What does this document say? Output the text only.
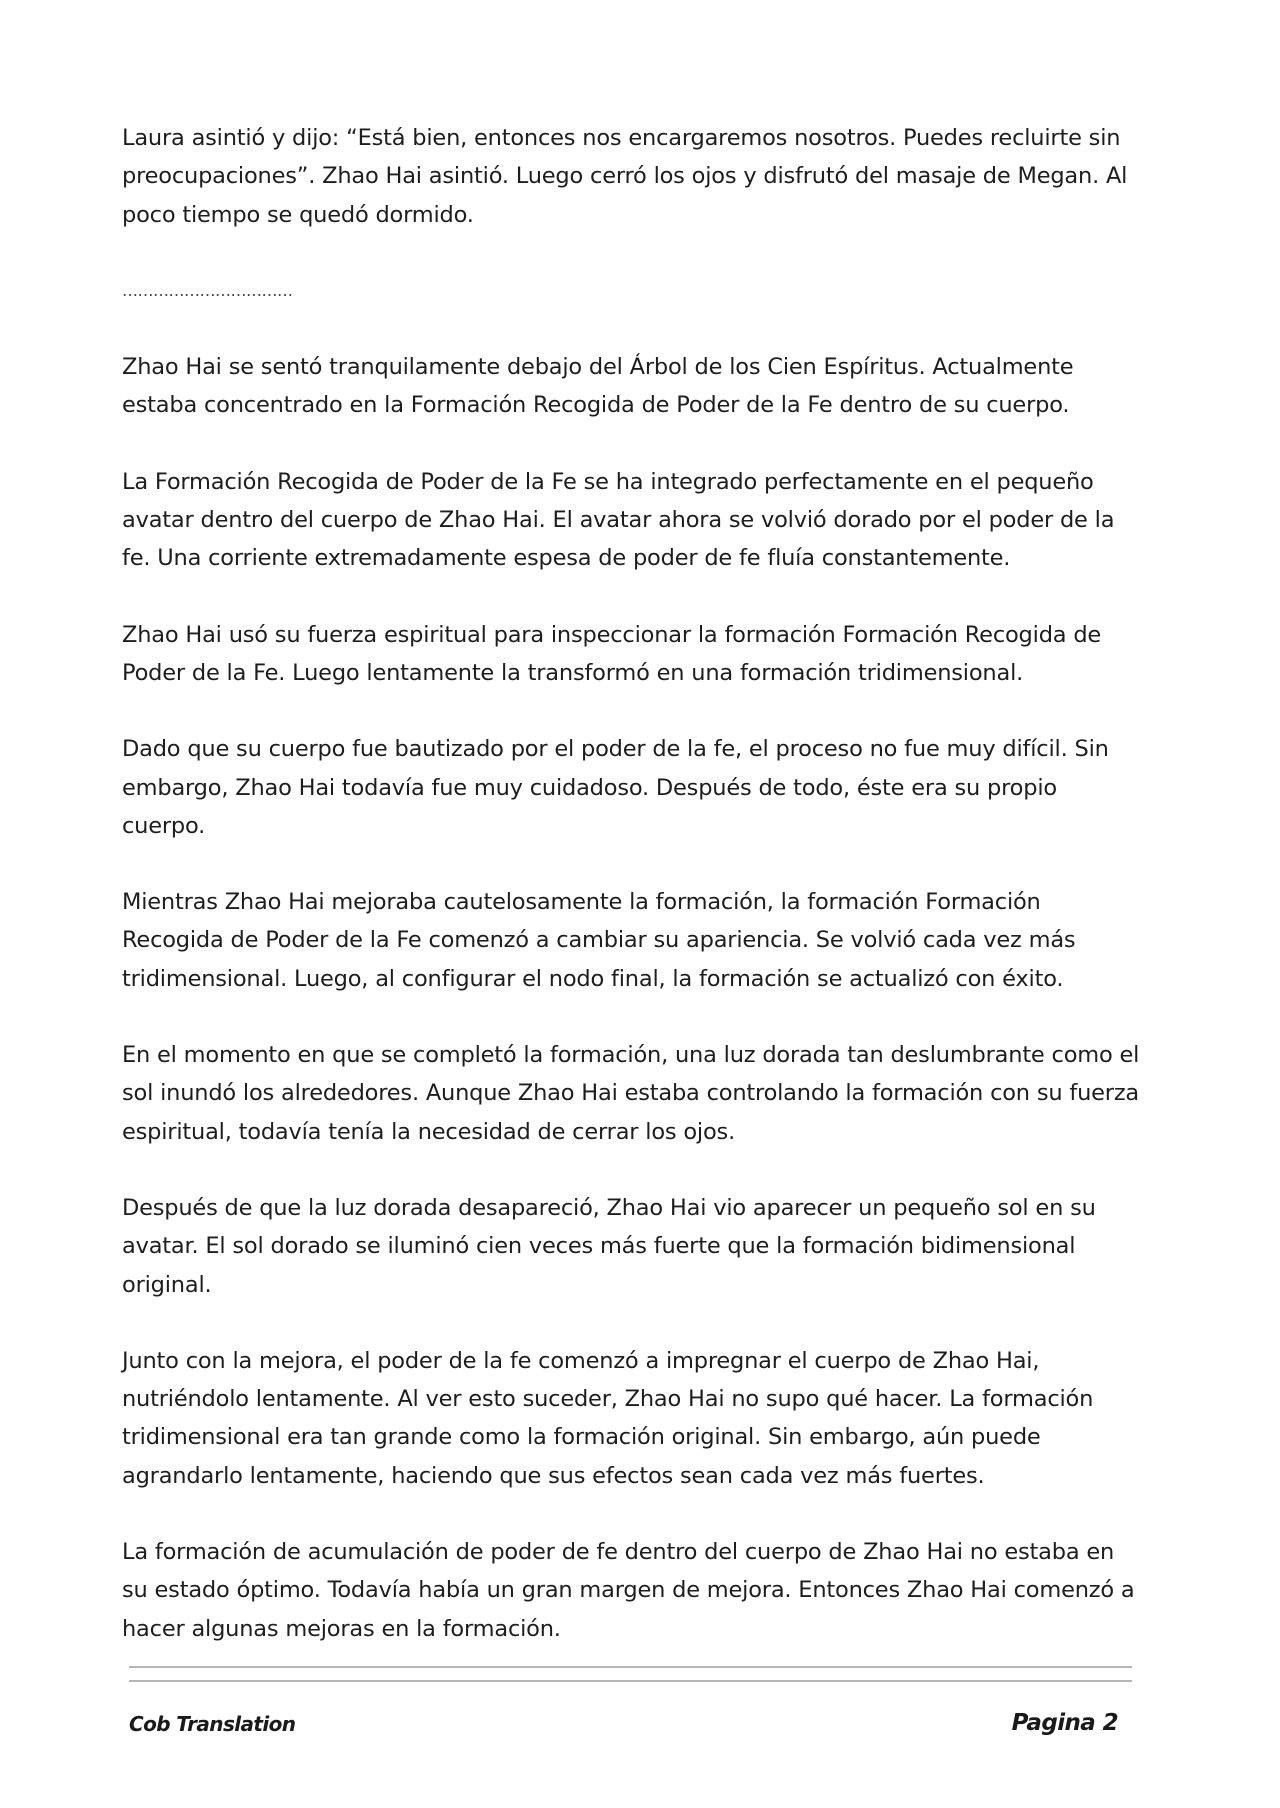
Laura asintió y dijo: “Está bien, entonces nos encargaremos nosotros. Puedes recluirte sin preocupaciones”. Zhao Hai asintió. Luego cerró los ojos y disfrutó del masaje de Megan. Al poco tiempo se quedó dormido.

……………………………

Zhao Hai se sentó tranquilamente debajo del Árbol de los Cien Espíritus. Actualmente estaba concentrado en la Formación Recogida de Poder de la Fe dentro de su cuerpo.

La Formación Recogida de Poder de la Fe se ha integrado perfectamente en el pequeño avatar dentro del cuerpo de Zhao Hai. El avatar ahora se volvió dorado por el poder de la fe. Una corriente extremadamente espesa de poder de fe fluía constantemente.

Zhao Hai usó su fuerza espiritual para inspeccionar la formación Formación Recogida de Poder de la Fe. Luego lentamente la transformó en una formación tridimensional.

Dado que su cuerpo fue bautizado por el poder de la fe, el proceso no fue muy difícil. Sin embargo, Zhao Hai todavía fue muy cuidadoso. Después de todo, éste era su propio cuerpo.

Mientras Zhao Hai mejoraba cautelosamente la formación, la formación Formación Recogida de Poder de la Fe comenzó a cambiar su apariencia. Se volvió cada vez más tridimensional. Luego, al configurar el nodo final, la formación se actualizó con éxito.

En el momento en que se completó la formación, una luz dorada tan deslumbrante como el sol inundó los alrededores. Aunque Zhao Hai estaba controlando la formación con su fuerza espiritual, todavía tenía la necesidad de cerrar los ojos.

Después de que la luz dorada desapareció, Zhao Hai vio aparecer un pequeño sol en su avatar. El sol dorado se iluminó cien veces más fuerte que la formación bidimensional original.

Junto con la mejora, el poder de la fe comenzó a impregnar el cuerpo de Zhao Hai, nutriéndolo lentamente. Al ver esto suceder, Zhao Hai no supo qué hacer. La formación tridimensional era tan grande como la formación original. Sin embargo, aún puede agrandarlo lentamente, haciendo que sus efectos sean cada vez más fuertes.

La formación de acumulación de poder de fe dentro del cuerpo de Zhao Hai no estaba en su estado óptimo. Todavía había un gran margen de mejora. Entonces Zhao Hai comenzó a hacer algunas mejoras en la formación.

Cob Translation	Pagina 2
